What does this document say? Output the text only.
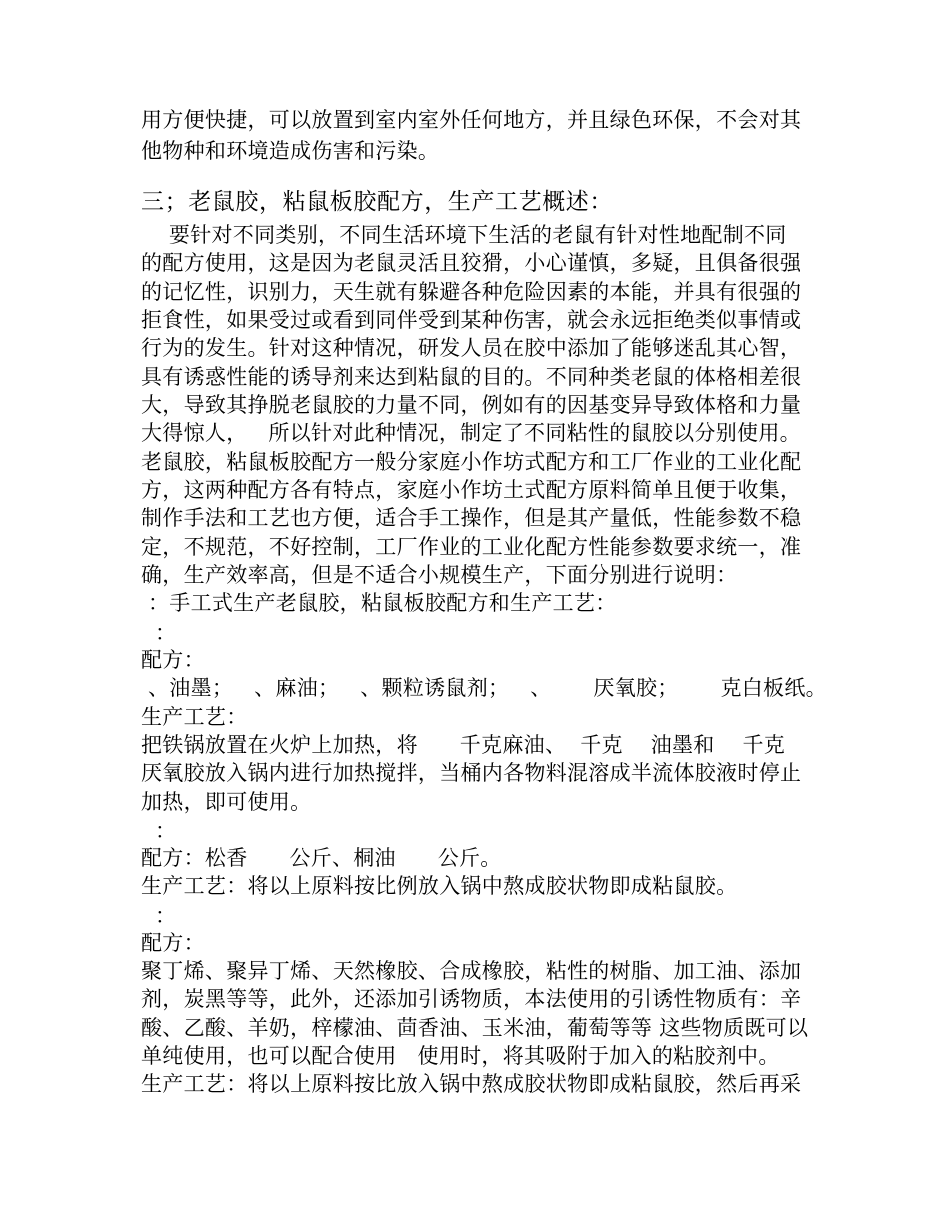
用方便快捷，可以放置到室内室外任何地方，并且绿色环保，不会对其
他物种和环境造成伤害和污染。
三；老鼠胶，粘鼠板胶配方，生产工艺概述：
要针对不同类别，不同生活环境下生活的老鼠有针对性地配制不同
的配方使用，这是因为老鼠灵活且狡猾，小心谨慎，多疑，且俱备很强
的记忆性，识别力，天生就有躲避各种危险因素的本能，并具有很强的
拒食性，如果受过或看到同伴受到某种伤害，就会永远拒绝类似事情或
行为的发生。针对这种情况，研发人员在胶中添加了能够迷乱其心智，
具有诱惑性能的诱导剂来达到粘鼠的目的。不同种类老鼠的体格相差很
大，导致其挣脱老鼠胶的力量不同，例如有的因基变异导致体格和力量
大得惊人，   所以针对此种情况，制定了不同粘性的鼠胶以分别使用。
老鼠胶，粘鼠板胶配方一般分家庭小作坊式配方和工厂作业的工业化配
方，这两种配方各有特点，家庭小作坊土式配方原料简单且便于收集，
制作手法和工艺也方便，适合手工操作，但是其产量低，性能参数不稳
定，不规范，不好控制，工厂作业的工业化配方性能参数要求统一，准
确，生产效率高，但是不适合小规模生产，下面分别进行说明：
：手工式生产老鼠胶，粘鼠板胶配方和生产工艺：
：
配方：
、油墨；   、麻油；   、颗粒诱鼠剂；   、      厌氧胶；      克白板纸。
生产工艺：
把铁锅放置在火炉上加热，将      千克麻油、  千克    油墨和    千克
厌氧胶放入锅内进行加热搅拌，当桶内各物料混溶成半流体胶液时停止
加热，即可使用。
：
配方：松香      公斤、桐油      公斤。
生产工艺：将以上原料按比例放入锅中熬成胶状物即成粘鼠胶。
：
配方：
聚丁烯、聚异丁烯、天然橡胶、合成橡胶，粘性的树脂、加工油、添加
剂，炭黑等等，此外，还添加引诱物质，本法使用的引诱性物质有：辛
酸、乙酸、羊奶，梓檬油、茴香油、玉米油，葡萄等等 这些物质既可以
单纯使用，也可以配合使用   使用时，将其吸附于加入的粘胶剂中。
生产工艺：将以上原料按比放入锅中熬成胶状物即成粘鼠胶，然后再采
